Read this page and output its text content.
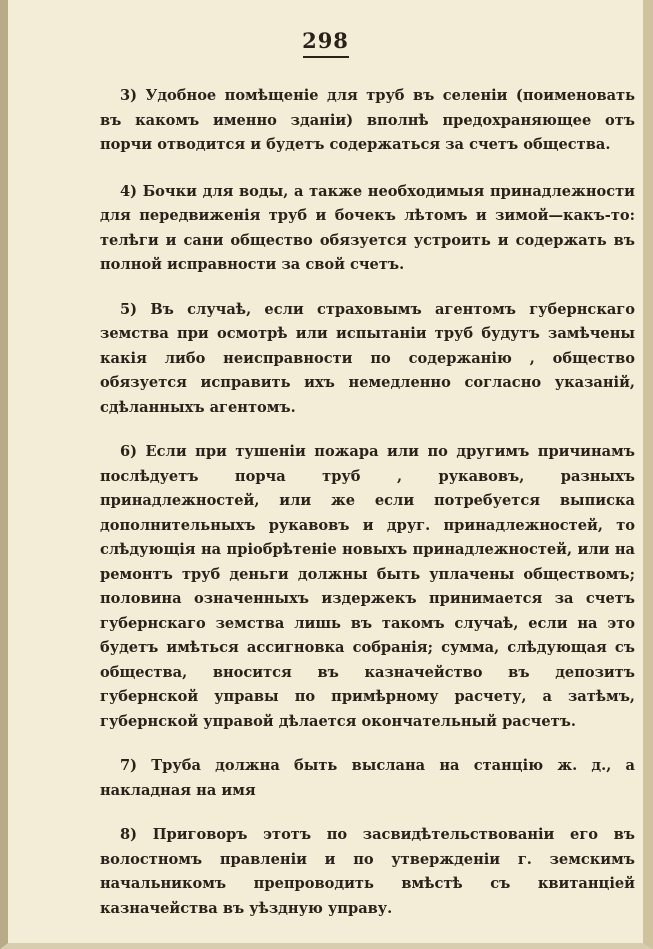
298

3) Удобное помѣщеніе для труб въ селеніи (поименовать въ какомъ именно зданіи) вполнѣ предохраняющее отъ порчи отводится и будетъ содержаться за счетъ общества.

4) Бочки для воды, а также необходимыя принадлежности для передвиженія труб и бочекъ лѣтомъ и зимой—какъ-то: телѣги и сани общество обязуется устроить и содержать въ полной исправности за свой счетъ.

5) Въ случаѣ, если страховымъ агентомъ губернскаго земства при осмотрѣ или испытаніи труб будутъ замѣчены какія либо неисправности по содержанію , общество обязуется исправить ихъ немедленно согласно указаній, сдѣланныхъ агентомъ.

6) Если при тушеніи пожара или по другимъ причинамъ послѣдуетъ порча труб , рукавовъ, разныхъ принадлежностей, или же если потребуется выписка дополнительныхъ рукавовъ и друг. принадлежностей, то слѣдующія на пріобрѣтеніе новыхъ принадлежностей, или на ремонтъ труб деньги должны быть уплачены обществомъ; половина означенныхъ издержекъ принимается за счетъ губернскаго земства лишь въ такомъ случаѣ, если на это будетъ имѣться ассигновка собранія; сумма, слѣдующая съ общества, вносится въ казначейство въ депозитъ губернской управы по примѣрному расчету, а затѣмъ, губернской управой дѣлается окончательный расчетъ.

7) Труба должна быть выслана на станцію ж. д., а накладная на имя

8) Приговоръ этотъ по засвидѣтельствованіи его въ волостномъ правленіи и по утвержденіи г. земскимъ начальникомъ препроводить вмѣстѣ съ квитанціей казначейства въ уѣздную управу.
